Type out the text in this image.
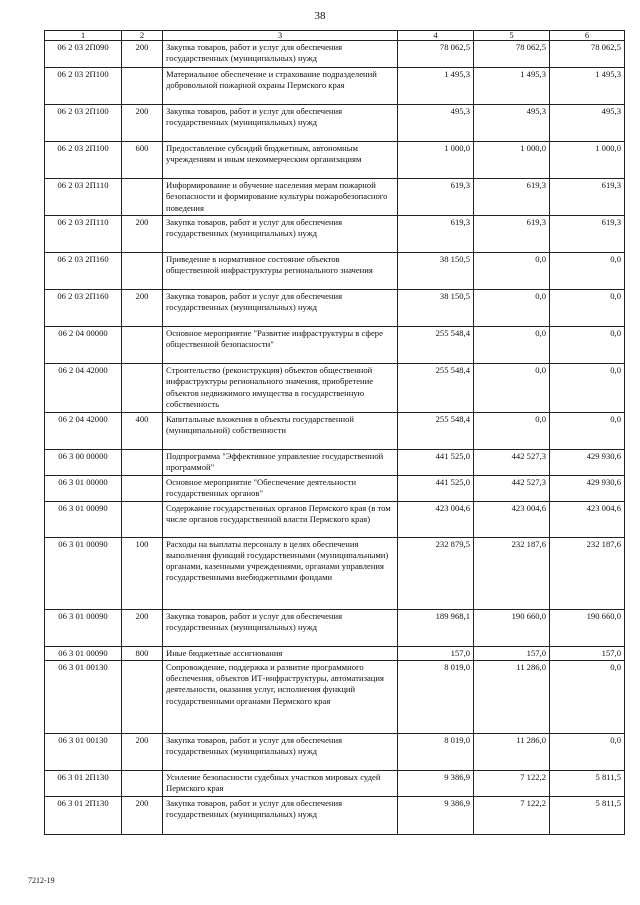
38
1	2	3	4	5	6
06 2 03 2П090	200	Закупка товаров, работ и услуг для обеспечения государственных (муниципальных) нужд	78 062,5	78 062,5	78 062,5
06 2 03 2П100		Материальное обеспечение и страхование подразделений добровольной пожарной охраны Пермского края	1 495,3	1 495,3	1 495,3
06 2 03 2П100	200	Закупка товаров, работ и услуг для обеспечения государственных (муниципальных) нужд	495,3	495,3	495,3
06 2 03 2П100	600	Предоставление субсидий бюджетным, автономным учреждениям и иным некоммерческим организациям	1 000,0	1 000,0	1 000,0
06 2 03 2П110		Информирование и обучение населения мерам пожарной безопасности и формирование культуры пожаробезопасного поведения	619,3	619,3	619,3
06 2 03 2П110	200	Закупка товаров, работ и услуг для обеспечения государственных (муниципальных) нужд	619,3	619,3	619,3
06 2 03 2П160		Приведение в нормативное состояние объектов общественной инфраструктуры регионального значения	38 150,5	0,0	0,0
06 2 03 2П160	200	Закупка товаров, работ и услуг для обеспечения государственных (муниципальных) нужд	38 150,5	0,0	0,0
06 2 04 00000		Основное мероприятие "Развитие инфраструктуры в сфере общественной безопасности"	255 548,4	0,0	0,0
06 2 04 42000		Строительство (реконструкция) объектов общественной инфраструктуры регионального значения, приобретение объектов недвижимого имущества в государственную собственность	255 548,4	0,0	0,0
06 2 04 42000	400	Капитальные вложения в объекты государственной (муниципальной) собственности	255 548,4	0,0	0,0
06 3 00 00000		Подпрограмма "Эффективное управление государственной программой"	441 525,0	442 527,3	429 930,6
06 3 01 00000		Основное мероприятие "Обеспечение деятельности государственных органов"	441 525,0	442 527,3	429 930,6
06 3 01 00090		Содержание государственных органов Пермского края (в том числе органов государственной власти Пермского края)	423 004,6	423 004,6	423 004,6
06 3 01 00090	100	Расходы на выплаты персоналу в целях обеспечения выполнения функций государственными (муниципальными) органами, казенными учреждениями, органами управления государственными внебюджетными фондами	232 879,5	232 187,6	232 187,6
06 3 01 00090	200	Закупка товаров, работ и услуг для обеспечения государственных (муниципальных) нужд	189 968,1	190 660,0	190 660,0
06 3 01 00090	800	Иные бюджетные ассигнования	157,0	157,0	157,0
06 3 01 00130		Сопровождение, поддержка и развитие программного обеспечения, объектов ИТ-инфраструктуры, автоматизация деятельности, оказания услуг, исполнения функций государственными органами Пермского края	8 019,0	11 286,0	0,0
06 3 01 00130	200	Закупка товаров, работ и услуг для обеспечения государственных (муниципальных) нужд	8 019,0	11 286,0	0,0
06 3 01 2П130		Усиление безопасности судебных участков мировых судей Пермского края	9 386,9	7 122,2	5 811,5
06 3 01 2П130	200	Закупка товаров, работ и услуг для обеспечения государственных (муниципальных) нужд	9 386,9	7 122,2	5 811,5
7212-19
